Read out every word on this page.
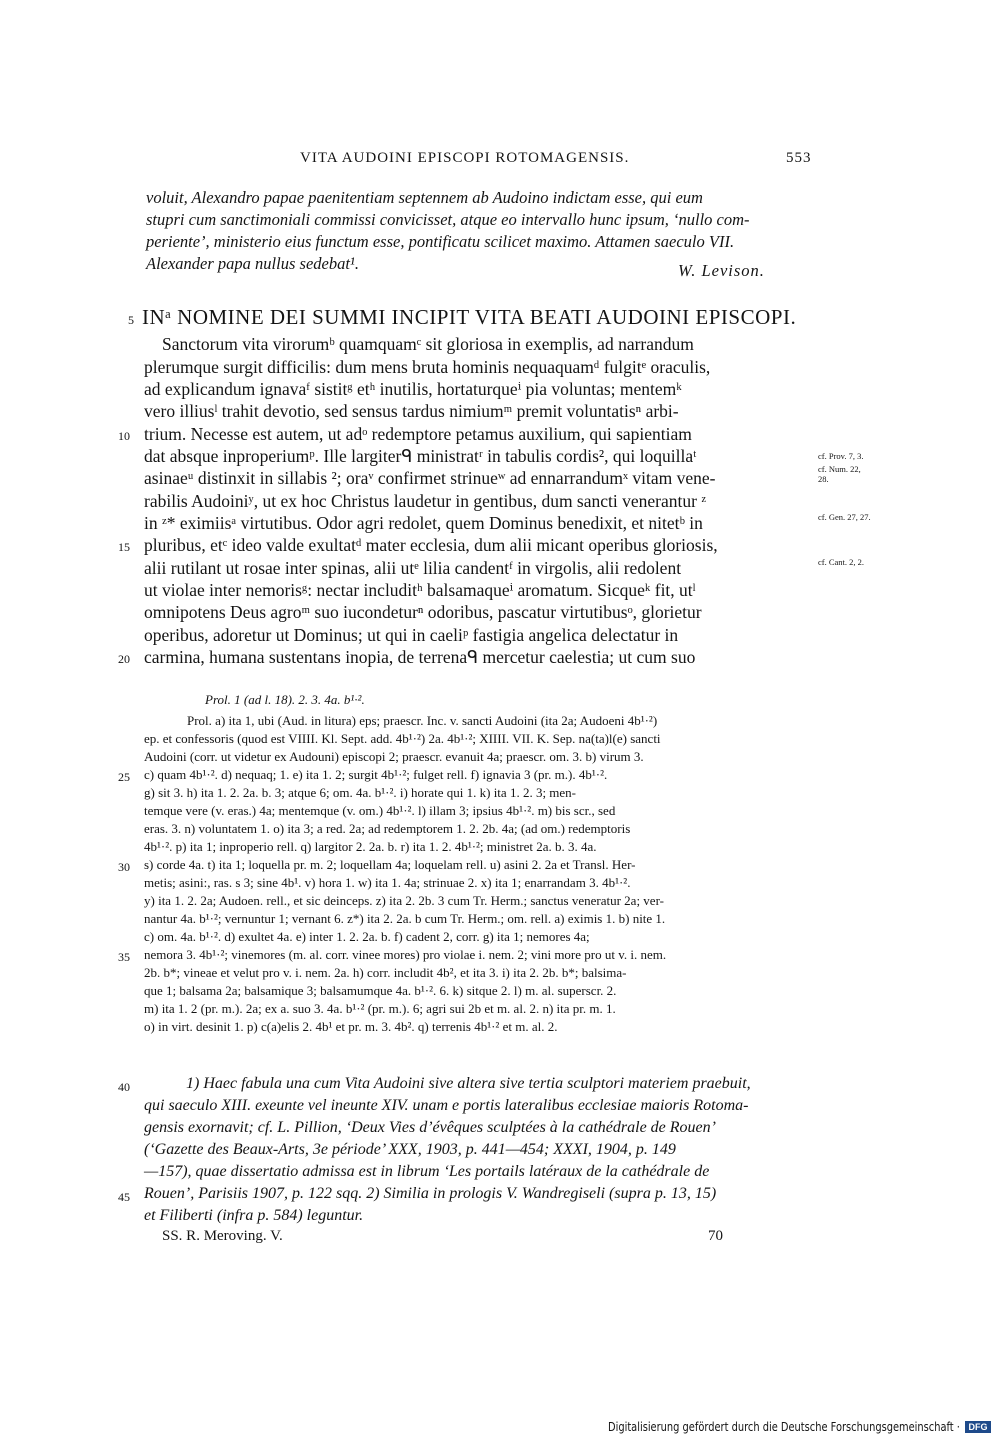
VITA AUDOINI EPISCOPI ROTOMAGENSIS.	553
voluit, Alexandro papae paenitentiam septennem ab Audoino indictam esse, qui eum
stupri cum sanctimoniali commissi convicisset, atque eo intervallo hunc ipsum, ‘nullo com-
periente’, ministerio eius functum esse, pontificatu scilicet maximo. Attamen saeculo VII.
Alexander papa nullus sedebat¹.	W. Levison.
5 INᵃ NOMINE DEI SUMMI INCIPIT VITA BEATI AUDOINI EPISCOPI.
Sanctorum vita virorumᵇ quamquamᶜ sit gloriosa in exemplis, ad narrandum
plerumque surgit difficilis: dum mens bruta hominis nequaquamᵈ fulgitᵉ oraculis,
ad explicandum ignavaᶠ sistitᵍ etʰ inutilis, hortaturqueⁱ pia voluntas; mentemᵏ
vero illiusˡ trahit devotio, sed sensus tardus nimiumᵐ premit voluntatisⁿ arbi-
trium. Necesse est autem, ut adᵒ redemptore petamus auxilium, qui sapientiam
dat absque inproperiumᵖ. Ille largiterᑫ ministratʳ in tabulis cordis², qui loquillaᵗ
asinaeᵘ distinxit in sillabis ²; oraᵛ confirmet strinueʷ ad ennarrandumˣ vitam vene-
rabilis Audoiniʸ, ut ex hoc Christus laudetur in gentibus, dum sancti venerantur ᶻ
in ᶻ* eximiisᵃ virtutibus. Odor agri redolet, quem Dominus benedixit, et nitetᵇ in
pluribus, etᶜ ideo valde exultatᵈ mater ecclesia, dum alii micant operibus gloriosis,
alii rutilant ut rosae inter spinas, alii utᵉ lilia candentᶠ in virgolis, alii redolent
ut violae inter nemorisᵍ: nectar includitʰ balsamaqueⁱ aromatum. Sicqueᵏ fit, utˡ
omnipotens Deus agroᵐ suo iucondeturⁿ odoribus, pascatur virtutibusᵒ, glorietur
operibus, adoretur ut Dominus; ut qui in caeliᵖ fastigia angelica delectatur in
carmina, humana sustentans inopia, de terrenaᑫ mercetur caelestia; ut cum suo
10
15
20
cf. Prov. 7, 3.
cf. Num. 22, 28.
cf. Gen. 27, 27.
cf. Cant. 2, 2.
Prol. 1 (ad l. 18). 2. 3. 4a. b¹·².
Prol. a) ita 1, ubi (Aud. in litura) eps; praescr. Inc. v. sancti Audoini (ita 2a; Audoeni 4b¹·²)
ep. et confessoris (quod est VIIII. Kl. Sept. add. 4b¹·²) 2a. 4b¹·²; XIIII. VII. K. Sep. na(ta)l(e) sancti
Audoini (corr. ut videtur ex Audouni) episcopi 2; praescr. evanuit 4a; praescr. om. 3. b) virum 3.
c) quam 4b¹·². d) nequaq; 1. e) ita 1. 2; surgit 4b¹·²; fulget rell. f) ignavia 3 (pr. m.). 4b¹·².
g) sit 3. h) ita 1. 2. 2a. b. 3; atque 6; om. 4a. b¹·². i) horate qui 1. k) ita 1. 2. 3; men-
temque vere (v. eras.) 4a; mentemque (v. om.) 4b¹·². l) illam 3; ipsius 4b¹·². m) bis scr., sed
eras. 3. n) voluntatem 1. o) ita 3; a red. 2a; ad redemptorem 1. 2. 2b. 4a; (ad om.) redemptoris
4b¹·². p) ita 1; inproperio rell. q) largitor 2. 2a. b. r) ita 1. 2. 4b¹·²; ministret 2a. b. 3. 4a.
s) corde 4a. t) ita 1; loquella pr. m. 2; loquellam 4a; loquelam rell. u) asini 2. 2a et Transl. Her-
metis; asini:, ras. s 3; sine 4b¹. v) hora 1. w) ita 1. 4a; strinuae 2. x) ita 1; enarrandam 3. 4b¹·².
y) ita 1. 2. 2a; Audoen. rell., et sic deinceps. z) ita 2. 2b. 3 cum Tr. Herm.; sanctus veneratur 2a; ver-
nantur 4a. b¹·²; vernuntur 1; vernant 6. z*) ita 2. 2a. b cum Tr. Herm.; om. rell. a) eximis 1. b) nite 1.
c) om. 4a. b¹·². d) exultet 4a. e) inter 1. 2. 2a. b. f) cadent 2, corr. g) ita 1; nemores 4a;
nemora 3. 4b¹·²; vinemores (m. al. corr. vinee mores) pro violae i. nem. 2; vini more pro ut v. i. nem.
2b. b*; vineae et velut pro v. i. nem. 2a. h) corr. includit 4b², et ita 3. i) ita 2. 2b. b*; balsima-
que 1; balsama 2a; balsamique 3; balsamumque 4a. b¹·². 6. k) sitque 2. l) m. al. superscr. 2.
m) ita 1. 2 (pr. m.). 2a; ex a. suo 3. 4a. b¹·² (pr. m.). 6; agri sui 2b et m. al. 2. n) ita pr. m. 1.
o) in virt. desinit 1. p) c(a)elis 2. 4b¹ et pr. m. 3. 4b². q) terrenis 4b¹·² et m. al. 2.
25
30
35
1) Haec fabula una cum Vita Audoini sive altera sive tertia sculptori materiem praebuit,
qui saeculo XIII. exeunte vel ineunte XIV. unam e portis lateralibus ecclesiae maioris Rotoma-
gensis exornavit; cf. L. Pillion, ‘Deux Vies d’évêques sculptées à la cathédrale de Rouen’
(‘Gazette des Beaux-Arts, 3e période’ XXX, 1903, p. 441—454; XXXI, 1904, p. 149
—157), quae dissertatio admissa est in librum ‘Les portails latéraux de la cathédrale de
Rouen’, Parisiis 1907, p. 122 sqq. 2) Similia in prologis V. Wandregiseli (supra p. 13, 15)
et Filiberti (infra p. 584) leguntur.
40
45
SS. R. Meroving. V.	70
Digitalisierung gefördert durch die Deutsche Forschungsgemeinschaft · DFG
